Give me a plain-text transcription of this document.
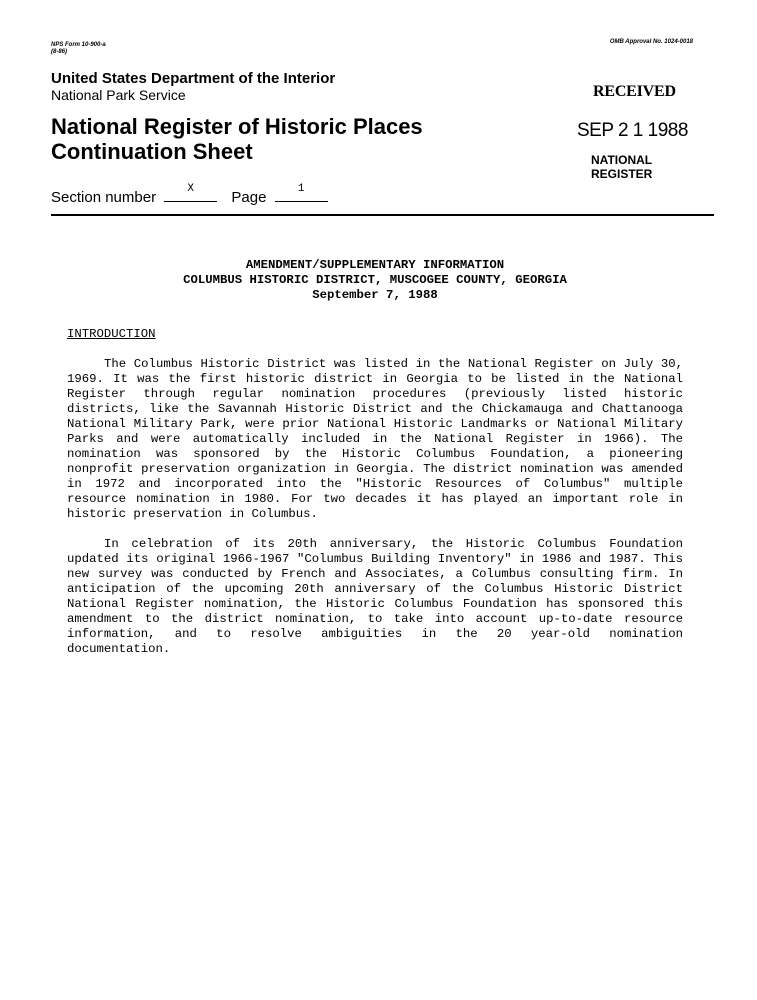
NPS Form 10-900-a
(8-86)
OMB Approval No. 1024-0018
United States Department of the Interior
National Park Service
National Register of Historic Places
Continuation Sheet
RECEIVED
SEP 2 1 1988
NATIONAL
REGISTER
Section number	X	Page	1

AMENDMENT/SUPPLEMENTARY INFORMATION

COLUMBUS HISTORIC DISTRICT, MUSCOGEE COUNTY, GEORGIA

September 7, 1988

INTRODUCTION

The Columbus Historic District was listed in the National Register on July 30, 1969. It was the first historic district in Georgia to be listed in the National Register through regular nomination procedures (previously listed historic districts, like the Savannah Historic District and the Chickamauga and Chattanooga National Military Park, were prior National Historic Landmarks or National Military Parks and were automatically included in the National Register in 1966). The nomination was sponsored by the Historic Columbus Foundation, a pioneering nonprofit preservation organization in Georgia. The district nomination was amended in 1972 and incorporated into the "Historic Resources of Columbus" multiple resource nomination in 1980. For two decades it has played an important role in historic preservation in Columbus.

In celebration of its 20th anniversary, the Historic Columbus Foundation updated its original 1966-1967 "Columbus Building Inventory" in 1986 and 1987. This new survey was conducted by French and Associates, a Columbus consulting firm. In anticipation of the upcoming 20th anniversary of the Columbus Historic District National Register nomination, the Historic Columbus Foundation has sponsored this amendment to the district nomination, to take into account up-to-date resource information, and to resolve ambiguities in the 20 year-old nomination documentation.
